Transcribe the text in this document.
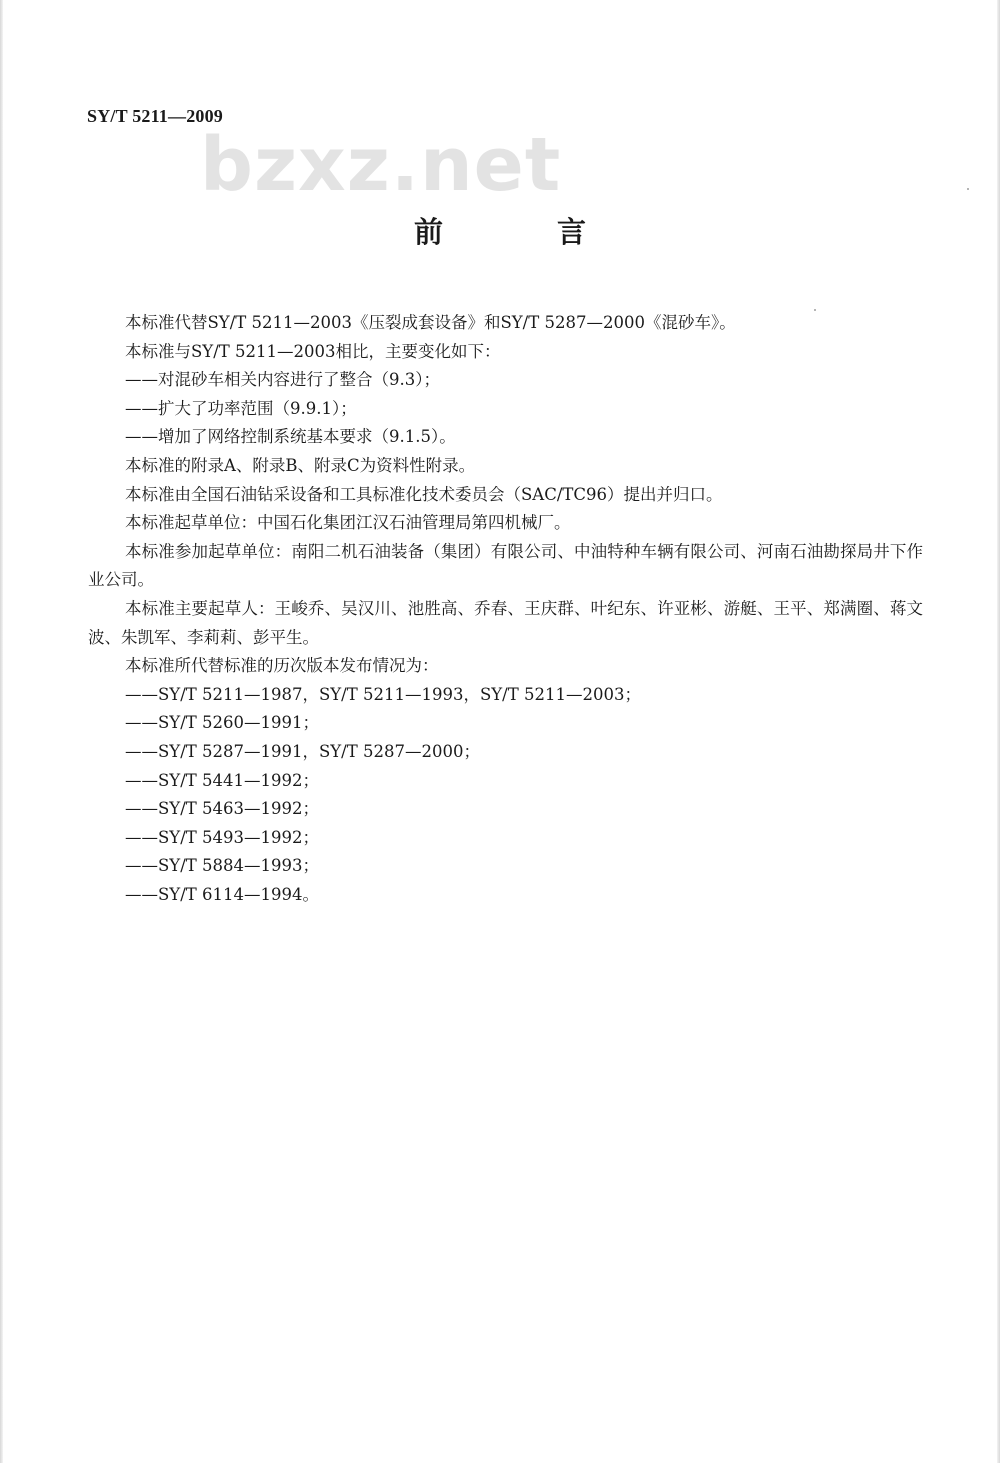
SY/T 5211—2009
bzxz.net
前 言

本标准代替SY/T 5211—2003《压裂成套设备》和SY/T 5287—2000《混砂车》。

本标准与SY/T 5211—2003相比，主要变化如下：

——对混砂车相关内容进行了整合（9.3）；

——扩大了功率范围（9.9.1）；

——增加了网络控制系统基本要求（9.1.5）。

本标准的附录A、附录B、附录C为资料性附录。

本标准由全国石油钻采设备和工具标准化技术委员会（SAC/TC96）提出并归口。

本标准起草单位：中国石化集团江汉石油管理局第四机械厂。

本标准参加起草单位：南阳二机石油装备（集团）有限公司、中油特种车辆有限公司、河南石油勘探局井下作业公司。

本标准主要起草人：王峻乔、吴汉川、池胜高、乔春、王庆群、叶纪东、许亚彬、游艇、王平、郑满圈、蒋文波、朱凯军、李莉莉、彭平生。

本标准所代替标准的历次版本发布情况为：

——SY/T 5211—1987，SY/T 5211—1993，SY/T 5211—2003；

——SY/T 5260—1991；

——SY/T 5287—1991，SY/T 5287—2000；

——SY/T 5441—1992；

——SY/T 5463—1992；

——SY/T 5493—1992；

——SY/T 5884—1993；

——SY/T 6114—1994。
